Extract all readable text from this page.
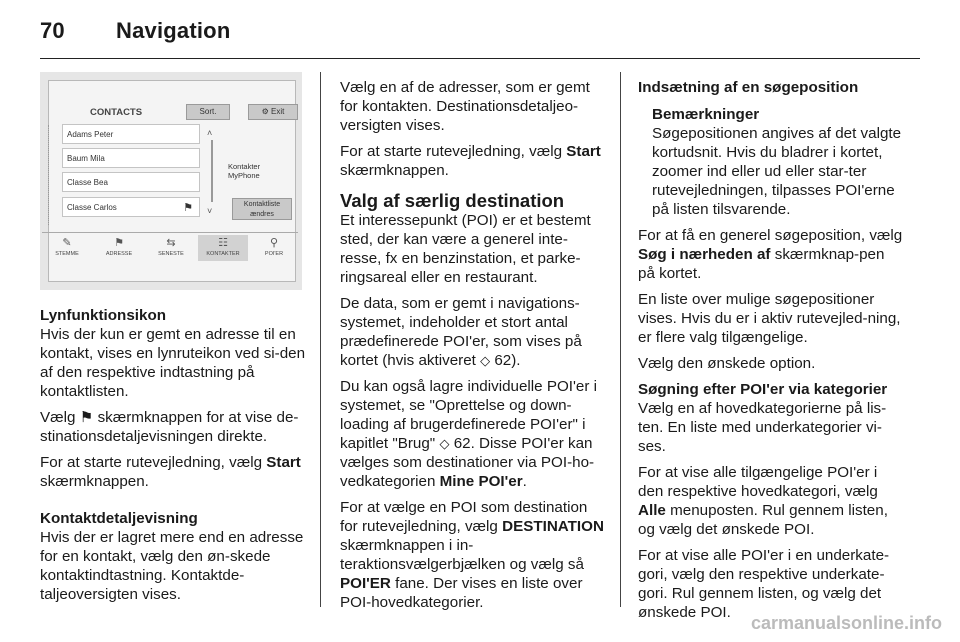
70 Navigation
CONTACTS	Sort.	⚙ Exit
Adams Peter
Baum Mila
Classe Bea
Classe Carlos	⚑
˄
˅
Kontakter MyPhone
Kontaktliste
ændres
✎
STEMME
⚑
ADRESSE
⇆
SENESTE
☷
KONTAKTER
⚲
POI'ER

Lynfunktionsikon

Hvis der kun er gemt en adresse til en kontakt, vises en lynruteikon ved si-den af den respektive indtastning på kontaktlisten.

Vælg ⚑ skærmknappen for at vise de-stinationsdetaljevisningen direkte.

For at starte rutevejledning, vælg Start skærmknappen.

Kontaktdetaljevisning

Hvis der er lagret mere end en adresse for en kontakt, vælg den øn-skede kontaktindtastning. Kontaktde-taljeoversigten vises.

Vælg en af de adresser, som er gemt for kontakten. Destinationsdetaljeo-versigten vises.

For at starte rutevejledning, vælg Start skærmknappen.

Valg af særlig destination

Et interessepunkt (POI) er et bestemt sted, der kan være a generel inte-resse, fx en benzinstation, et parke-ringsareal eller en restaurant.

De data, som er gemt i navigations-systemet, indeholder et stort antal prædefinerede POI'er, som vises på kortet (hvis aktiveret ◇ 62).

Du kan også lagre individuelle POI'er i systemet, se "Oprettelse og down-loading af brugerdefinerede POI'er" i kapitlet "Brug" ◇ 62. Disse POI'er kan vælges som destinationer via POI-ho-vedkategorien Mine POI'er.

For at vælge en POI som destination for rutevejledning, vælg DESTINATION skærmknappen i in-teraktionsvælgerbjælken og vælg så POI'ER fane. Der vises en liste over POI-hovedkategorier.

Indsætning af en søgeposition

Bemærkninger

Søgepositionen angives af det valgte kortudsnit. Hvis du bladrer i kortet, zoomer ind eller ud eller star-ter rutevejledningen, tilpasses POI'erne på listen tilsvarende.

For at få en generel søgeposition, vælg Søg i nærheden af skærmknap-pen på kortet.

En liste over mulige søgepositioner vises. Hvis du er i aktiv rutevejled-ning, er flere valg tilgængelige.

Vælg den ønskede option.

Søgning efter POI'er via kategorier

Vælg en af hovedkategorierne på lis-ten. En liste med underkategorier vi-ses.

For at vise alle tilgængelige POI'er i den respektive hovedkategori, vælg Alle menuposten. Rul gennem listen, og vælg det ønskede POI.

For at vise alle POI'er i en underkate-gori, vælg den respektive underkate-gori. Rul gennem listen, og vælg det ønskede POI.

carmanualsonline.info
